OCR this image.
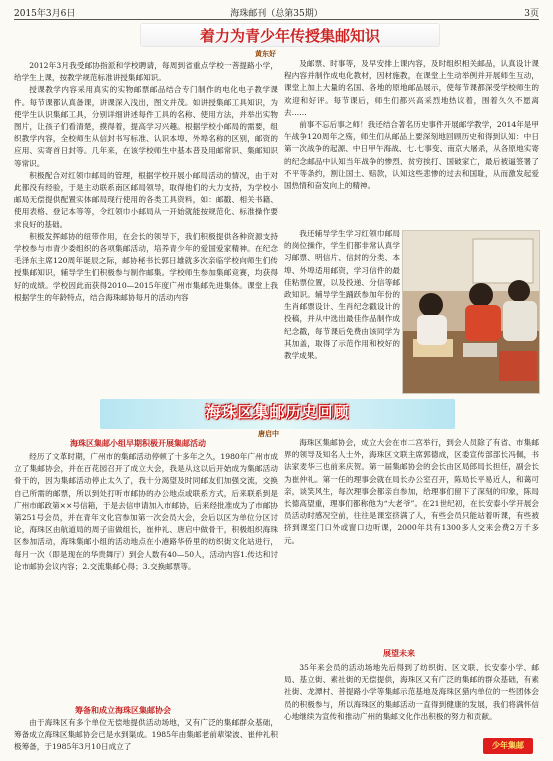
2015年3月6日	海珠邮刊（总第35期）	3页
着力为青少年传授集邮知识
黄东好

2012年3月我受邮协指派和学校聘请，每周到省重点学校一菩提路小学，给学生上课，按教学规范标准讲授集邮知识。

授课教学内容采用真实的实物邮票邮品结合专门制作的电化电子教学课件。每节课都认真备课，讲课深入浅出，图文并茂。如讲授集邮工具知识，为使学生认识集邮工具，分别详细讲述每件工具的名称、使用方法，并举出实物图片，让孩子们看清楚，摸得着，提高学习兴趣。根据学校小邮局的需要，组织教学内容，全校师生从信封书写标准、认识本埠、外埠名称的区别，邮资的应用、实寄首日封等。几年来，在该学校师生中基本普及用邮常识、集邮知识等常识。

积极配合对红领巾邮局的管理，根据学校开展小邮局活动的情况，由于对此都没有经验，于是主动联系南区邮局领导，取得他们的大力支持，为学校小邮局无偿提供配置实体邮局现行使用的各类工具资料，如：邮戳、相关书籍、使用表格、登记本等等，令红领巾小邮局从一开始就能按规范化、标准操作要求良好的基础。

积极发挥邮协的纽带作用，在会长的领导下，我们积极提供各种资源支持学校参与市青少委组织的各项集邮活动，培养青少年的爱国爱家精神。在纪念毛泽东主席120周年诞辰之际，邮协秘书长郭日雄就多次亲临学校向师生们传授集邮知识，辅导学生们积极参与制作邮集。学校师生参加集邮竞赛，均获得好的成绩。学校因此而获得2010—2015年度广州市集邮先进集体。课堂上我根据学生的年龄特点，结合海珠邮协每月的活动内容

及邮票、时事等，及早安排上课内容，及时组织相关邮品，认真设计课程内容并制作成电化教材，因材施教，在课堂上生动举例并开展师生互动，课堂上加上大量的名国、各地的原地邮品展示，使每节课都深受学校师生的欢迎和好评。每节课后，师生们都兴高采烈地热议着，围着久久不愿离去……

前事不忘后事之师！我还结合著名历史事件开展邮学教学，2014年是甲午战争120周年之殇，师生们从邮品上要深刻地回顾历史和得到认知：中日第一次战争的起源、中日甲午海战、七.七事变、南京大屠杀，从各原地实寄的纪念邮品中认知当年战争的惨烈、贫穷挨打、国破家亡，最后被逼签署了不平等条约，割让国土、赔款，认知这些悲惨的过去和国耻，从而激发起爱国热情和奋发向上的精神。

我还辅导学生学习红领巾邮局的岗位操作，学生们都非常认真学习邮票、明信片、信封的分类、本埠、外埠适用邮资，学习信件的最佳粘票位置，以及投递、分信等邮政知识。辅导学生踊跃参加年份的生肖邮票设计、生肖纪念戳设计的投稿，并从中选出最佳作品制作成纪念戳，每节课后免费由该同学为其加盖，取得了示范作用和校好的教学成果。

海珠区集邮历史回顾
唐启中
海珠区集邮小组早期积极开展集邮活动

经历了文革时期，广州市的集邮活动停顿了十多年之久，1980年广州市成立了集邮协会，并在百花园召开了成立大会，我是从这以后开始成为集邮活动骨干的，因为集邮活动停止太久了，我十分渴望及时同邮友们加强交流，交换自己所需的邮票，所以到处打听市邮协的办公地点或联系方式，后来联系到是广州市邮政第××号信箱，于是去信申请加入市邮协，后来经批准成为了市邮协第251号会员，并在青年文化宫参加第一次会员大会，会后以区为单位分区讨论，海珠区由航道局的周子宙做组长，崔仲礼、唐启中做骨干，积极组织海珠区参加活动，海珠集邮小组的活动地点在小港路华侨里的纺织街文化站进行，每月一次（即是现在的华贵舞厅）到会人数有40—50人，活动内容1.传达和讨论市邮协会议内容；2.交流集邮心得；3.交换邮票等。

筹备和成立海珠区集邮协会

由于海珠区有多个单位无偿地提供活动场地，又有广泛的集邮群众基础，筹备成立海珠区集邮协会已是水到渠成。1985年由集邮老前辈梁波、崔仲礼积极筹备，于1985年3月10日成立了

海珠区集邮协会，成立大会在市二宫举行，到会人员除了有省、市集邮界的领导及知名人士外，海珠区文联主席郭德成，区委宣传部部长冯佩，书法家麦华三也前来庆贺。第一届集邮协会的会长由区局郎局长担任，副会长为崔仲礼。第一任的理事会就在局长办公室召开，陈局长平易近人，和蔼可亲，谈笑风生，每次理事会都亲自参加，给理事们留下了深刻的印象，陈局长德高望重，理事们都称他为“大老爷”。在21世纪初，在长安泰小学开展会员活动时感况空前，往往是课室挤满了人，有些会员只能站着听课，有些被挤到课室门口外或窗口边听课，2000年共有1300多人交来会费2万千多元。

展望未来

35年来会员的活动场地先后得到了纺织街、区文联、长安泰小学、邮局、基立街、素社街的无偿提供，海珠区又有广泛的集邮的群众基础，有素社街、龙潭村、菩提路小学等集邮示范基地及海珠区猎内单位的一些团体会员的积极参与，所以海珠区的集邮活动一直得到健康的发展，我们将满怀信心地继续为宣传和推动广州的集邮文化作出积极的努力和贡献。

少年集邮
